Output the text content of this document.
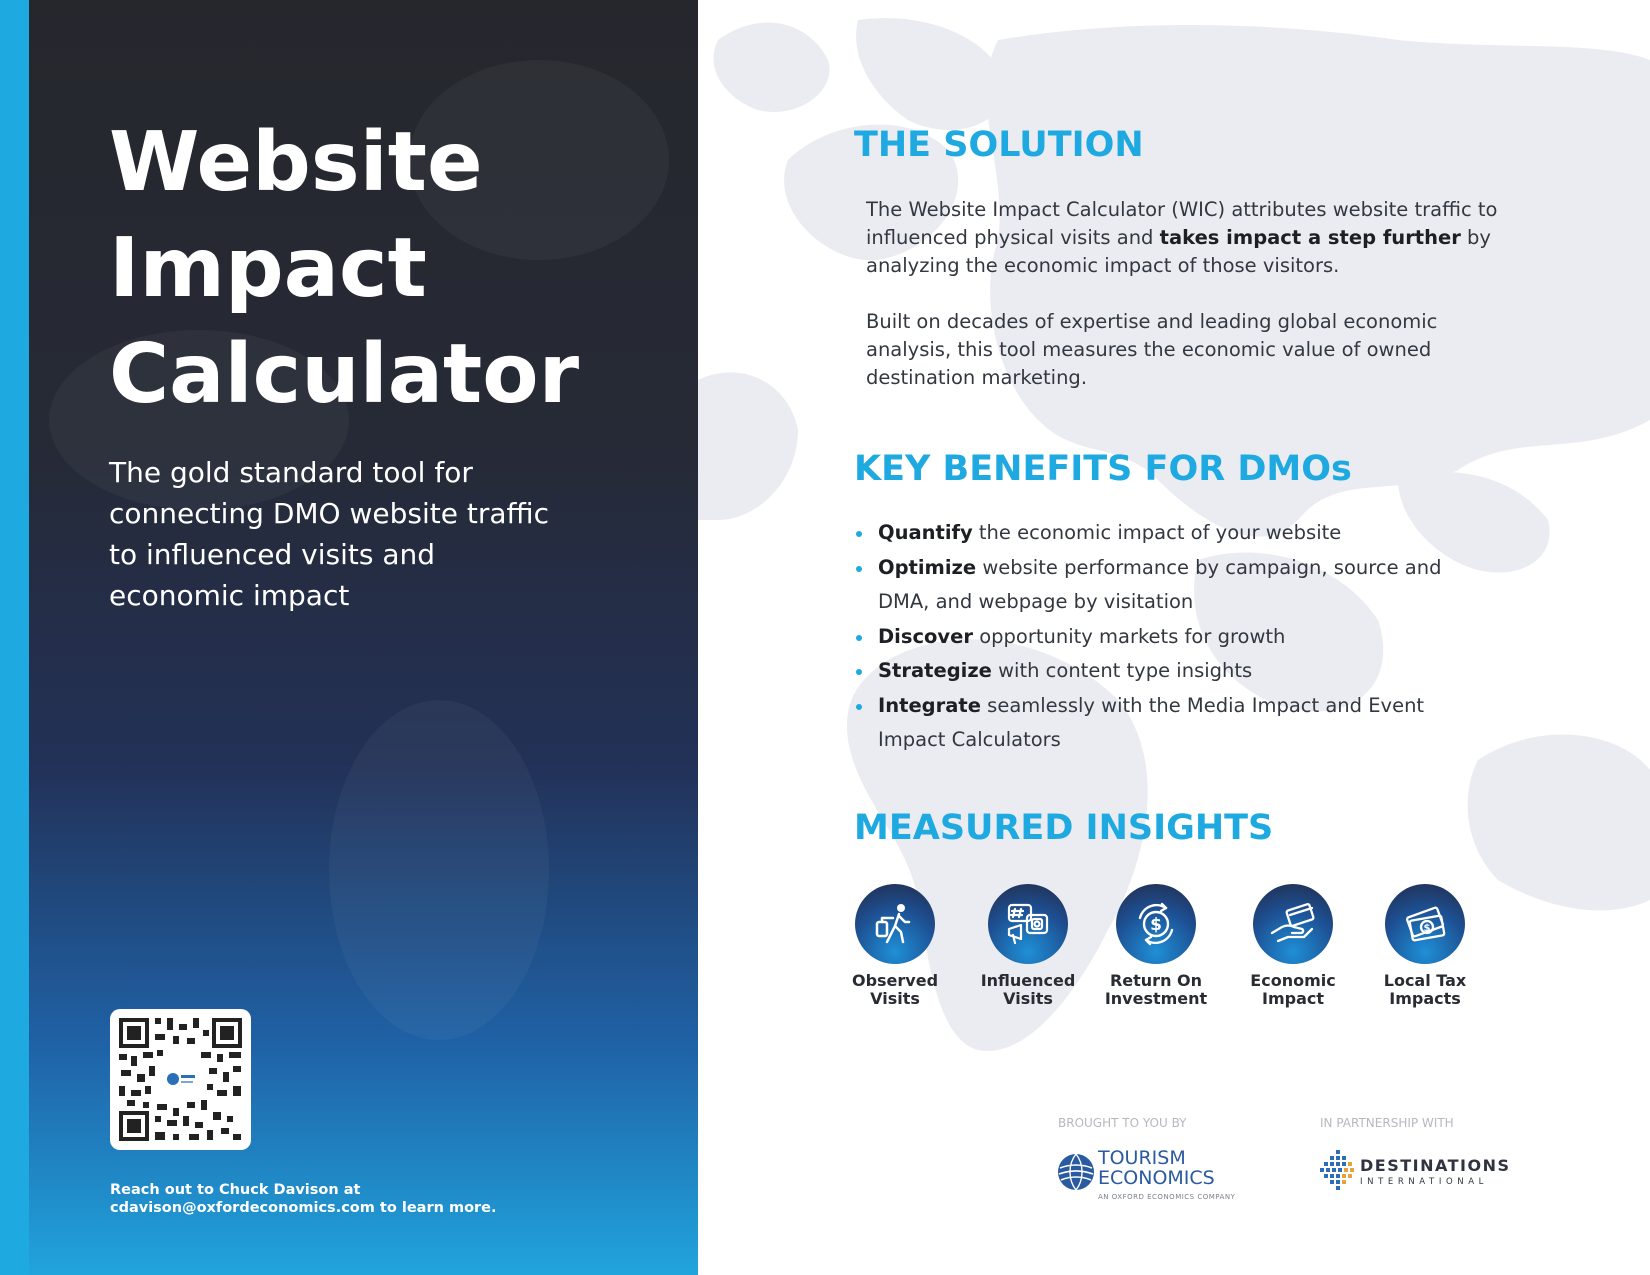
Website
Impact
Calculator
The gold standard tool for connecting DMO website traffic to influenced visits and economic impact
Reach out to Chuck Davison at
cdavison@oxfordeconomics.com to learn more.
THE SOLUTION

The Website Impact Calculator (WIC) attributes website traffic to influenced physical visits and takes impact a step further by analyzing the economic impact of those visitors.

Built on decades of expertise and leading global economic analysis, this tool measures the economic value of owned destination marketing.

KEY BENEFITS FOR DMOs
Quantify the economic impact of your website
Optimize website performance by campaign, source and DMA, and webpage by visitation
Discover opportunity markets for growth
Strategize with content type insights
Integrate seamlessly with the Media Impact and Event Impact Calculators
MEASURED INSIGHTS
Observed
Visits
Influenced
Visits
$
Return On
Investment
Economic
Impact
$
Local Tax
Impacts
BROUGHT TO YOU BY	IN PARTNERSHIP WITH
TOURISM
ECONOMICS
AN OXFORD ECONOMICS COMPANY
DESTINATIONS
INTERNATIONAL
